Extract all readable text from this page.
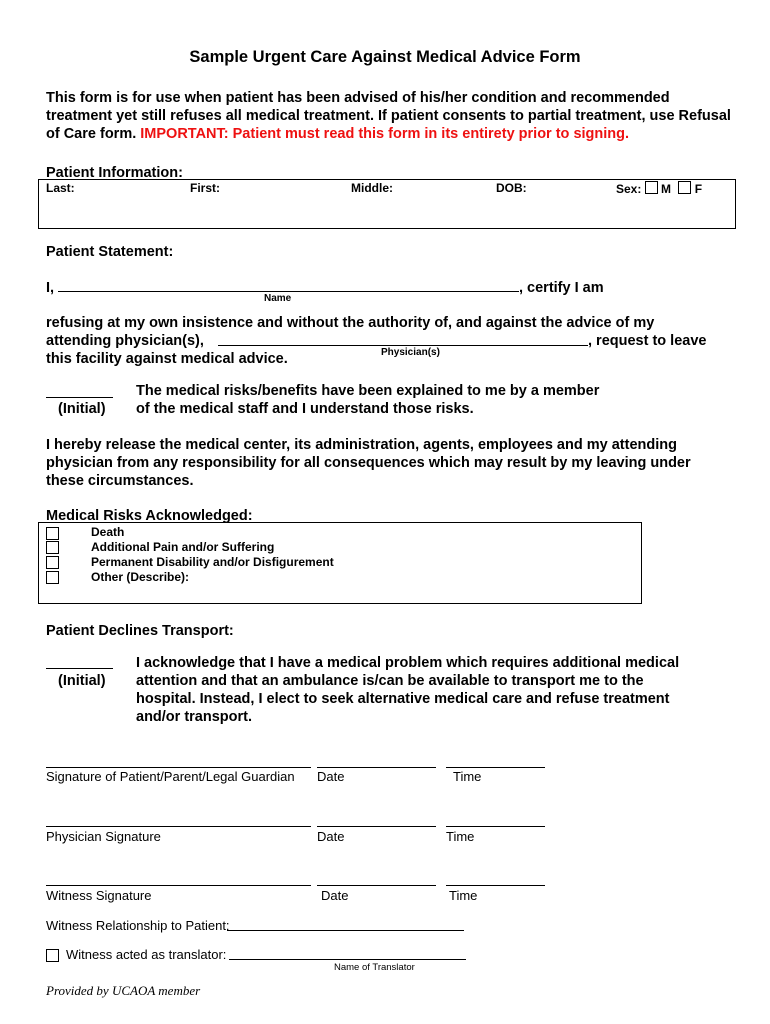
Sample Urgent Care Against Medical Advice Form
This form is for use when patient has been advised of his/her condition and recommended treatment yet still refuses all medical treatment. If patient consents to partial treatment, use Refusal of Care form. IMPORTANT: Patient must read this form in its entirety prior to signing.
Patient Information:
Last:	First:	Middle:	DOB:	Sex: M F
Patient Statement:
I,	, certify I am
Name
refusing at my own insistence and without the authority of, and against the advice of my
attending physician(s),	, request to leave
Physician(s)
this facility against medical advice.
(Initial)
The medical risks/benefits have been explained to me by a member
of the medical staff and I understand those risks.
I hereby release the medical center, its administration, agents, employees and my attending physician from any responsibility for all consequences which may result by my leaving under these circumstances.
Medical Risks Acknowledged:
Death
Additional Pain and/or Suffering
Permanent Disability and/or Disfigurement
Other (Describe):
Patient Declines Transport:
(Initial)
I acknowledge that I have a medical problem which requires additional medical
attention and that an ambulance is/can be available to transport me to the
hospital. Instead, I elect to seek alternative medical care and refuse treatment
and/or transport.
Signature of Patient/Parent/Legal Guardian Date	Time
Physician Signature	Date	Time
Witness Signature	Date	Time
Witness Relationship to Patient:
Witness acted as translator:
Name of Translator
Provided by UCAOA member
